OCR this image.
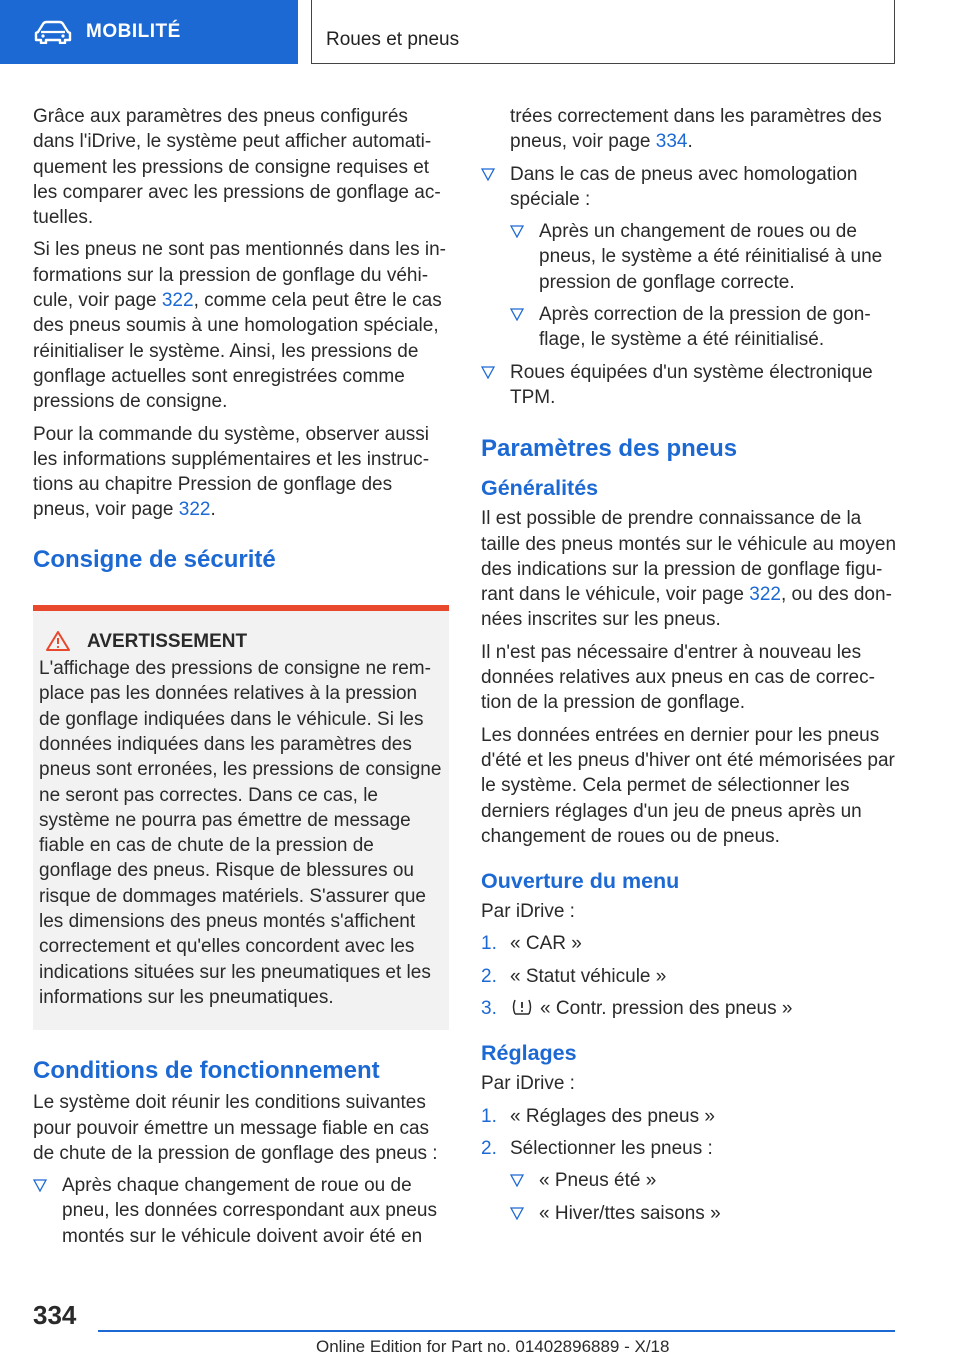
MOBILITÉ	Roues et pneus

Grâce aux paramètres des pneus configurés dans l'iDrive, le système peut afficher automatiquement les pressions de consigne requises et les comparer avec les pressions de gonflage actuelles.

Si les pneus ne sont pas mentionnés dans les informations sur la pression de gonflage du véhicule, voir page 322, comme cela peut être le cas des pneus soumis à une homologation spéciale, réinitialiser le système. Ainsi, les pressions de gonflage actuelles sont enregistrées comme pressions de consigne.

Pour la commande du système, observer aussi les informations supplémentaires et les instructions au chapitre Pression de gonflage des pneus, voir page 322.

Consigne de sécurité
AVERTISSEMENT
L'affichage des pressions de consigne ne remplace pas les données relatives à la pression de gonflage indiquées dans le véhicule. Si les données indiquées dans les paramètres des pneus sont erronées, les pressions de consigne ne seront pas correctes. Dans ce cas, le système ne pourra pas émettre de message fiable en cas de chute de la pression de gonflage des pneus. Risque de blessures ou risque de dommages matériels. S'assurer que les dimensions des pneus montés s'affichent correctement et qu'elles concordent avec les indications situées sur les pneumatiques et les informations sur les pneumatiques.
Conditions de fonctionnement

Le système doit réunir les conditions suivantes pour pouvoir émettre un message fiable en cas de chute de la pression de gonflage des pneus :

Après chaque changement de roue ou de pneu, les données correspondant aux pneus montés sur le véhicule doivent avoir été en

trées correctement dans les paramètres des pneus, voir page 334.

Dans le cas de pneus avec homologation spéciale :
Après un changement de roues ou de pneus, le système a été réinitialisé à une pression de gonflage correcte.
Après correction de la pression de gonflage, le système a été réinitialisé.
Roues équipées d'un système électronique TPM.
Paramètres des pneus
Généralités

Il est possible de prendre connaissance de la taille des pneus montés sur le véhicule au moyen des indications sur la pression de gonflage figurant dans le véhicule, voir page 322, ou des données inscrites sur les pneus.

Il n'est pas nécessaire d'entrer à nouveau les données relatives aux pneus en cas de correction de la pression de gonflage.

Les données entrées en dernier pour les pneus d'été et les pneus d'hiver ont été mémorisées par le système. Cela permet de sélectionner les derniers réglages d'un jeu de pneus après un changement de roues ou de pneus.

Ouverture du menu

Par iDrive :

1. « CAR »
2. « Statut véhicule »
3. « Contr. pression des pneus »
Réglages

Par iDrive :

1. « Réglages des pneus »
2. Sélectionner les pneus :
« Pneus été »
« Hiver/ttes saisons »
334
Online Edition for Part no. 01402896889 - X/18
